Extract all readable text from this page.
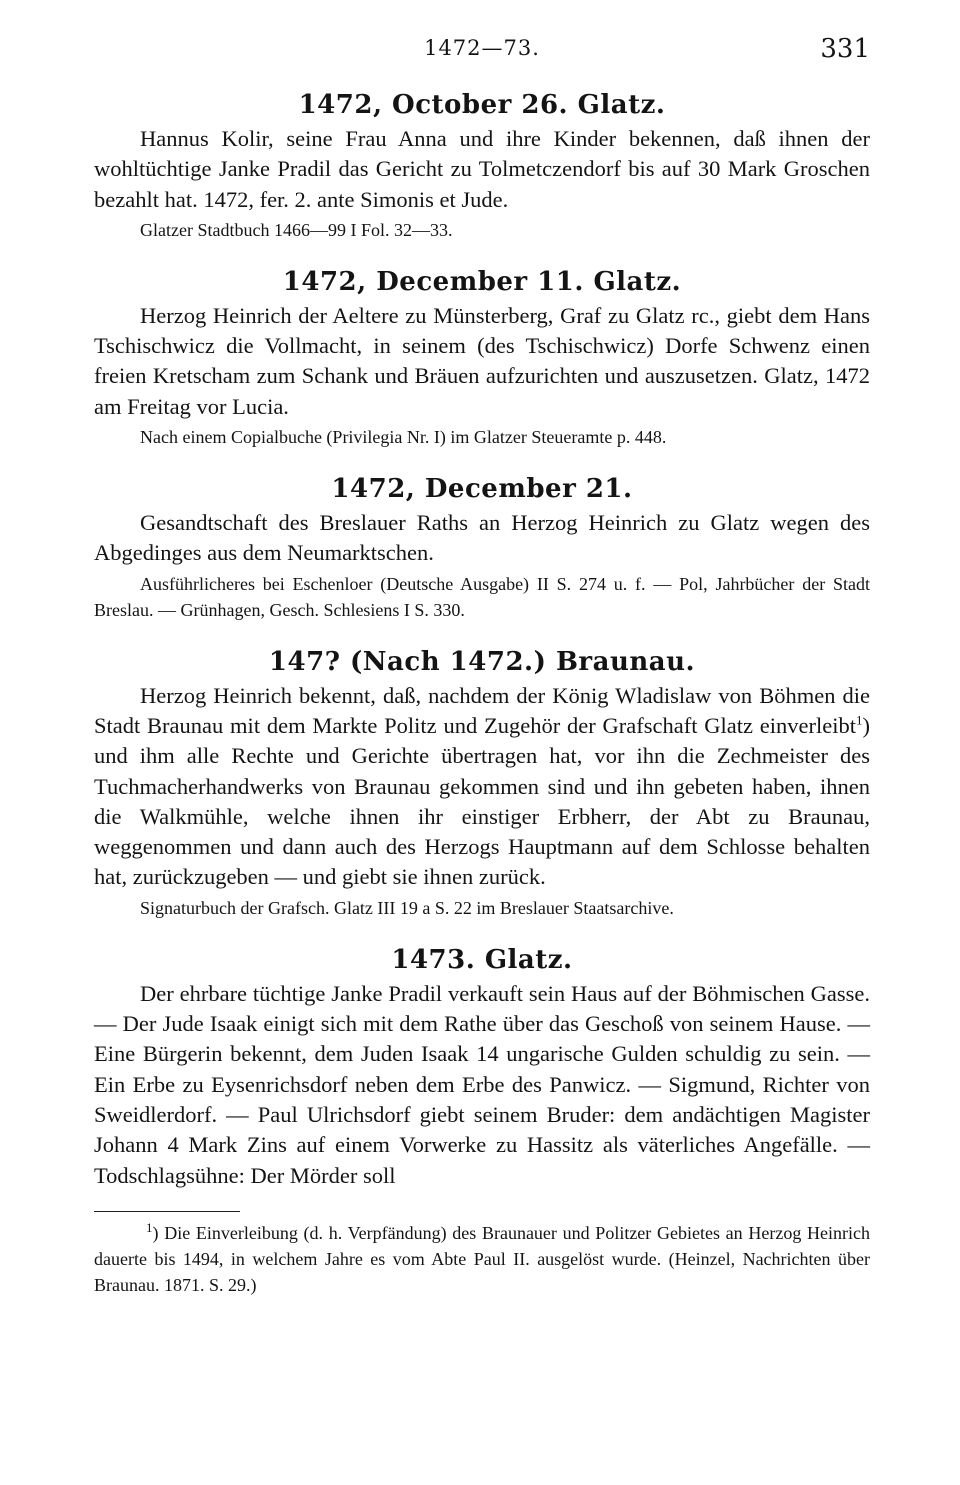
1472—73.	331
1472, October 26. Glatz.

Hannus Kolir, seine Frau Anna und ihre Kinder bekennen, daß ihnen der wohltüchtige Janke Pradil das Gericht zu Tolmetczendorf bis auf 30 Mark Groschen bezahlt hat. 1472, fer. 2. ante Simonis et Jude.

Glatzer Stadtbuch 1466—99 I Fol. 32—33.

1472, December 11. Glatz.

Herzog Heinrich der Aeltere zu Münsterberg, Graf zu Glatz rc., giebt dem Hans Tschischwicz die Vollmacht, in seinem (des Tschischwicz) Dorfe Schwenz einen freien Kretscham zum Schank und Bräuen aufzurichten und auszusetzen. Glatz, 1472 am Freitag vor Lucia.

Nach einem Copialbuche (Privilegia Nr. I) im Glatzer Steueramte p. 448.

1472, December 21.

Gesandtschaft des Breslauer Raths an Herzog Heinrich zu Glatz wegen des Abgedinges aus dem Neumarktschen.

Ausführlicheres bei Eschenloer (Deutsche Ausgabe) II S. 274 u. f. — Pol, Jahrbücher der Stadt Breslau. — Grünhagen, Gesch. Schlesiens I S. 330.

147? (Nach 1472.) Braunau.

Herzog Heinrich bekennt, daß, nachdem der König Wladislaw von Böhmen die Stadt Braunau mit dem Markte Politz und Zugehör der Grafschaft Glatz einverleibt$^1$) und ihm alle Rechte und Gerichte übertragen hat, vor ihn die Zechmeister des Tuchmacherhandwerks von Braunau gekommen sind und ihn gebeten haben, ihnen die Walkmühle, welche ihnen ihr einstiger Erbherr, der Abt zu Braunau, weggenommen und dann auch des Herzogs Hauptmann auf dem Schlosse behalten hat, zurückzugeben — und giebt sie ihnen zurück.

Signaturbuch der Grafsch. Glatz III 19 a S. 22 im Breslauer Staatsarchive.

1473. Glatz.

Der ehrbare tüchtige Janke Pradil verkauft sein Haus auf der Böhmischen Gasse. — Der Jude Isaak einigt sich mit dem Rathe über das Geschoß von seinem Hause. — Eine Bürgerin bekennt, dem Juden Isaak 14 ungarische Gulden schuldig zu sein. — Ein Erbe zu Eysenrichsdorf neben dem Erbe des Panwicz. — Sigmund, Richter von Sweidlerdorf. — Paul Ulrichsdorf giebt seinem Bruder: dem andächtigen Magister Johann 4 Mark Zins auf einem Vorwerke zu Hassitz als väterliches Angefälle. — Todschlagsühne: Der Mörder soll

$^1$) Die Einverleibung (d. h. Verpfändung) des Braunauer und Politzer Gebietes an Herzog Heinrich dauerte bis 1494, in welchem Jahre es vom Abte Paul II. ausgelöst wurde. (Heinzel, Nachrichten über Braunau. 1871. S. 29.)
